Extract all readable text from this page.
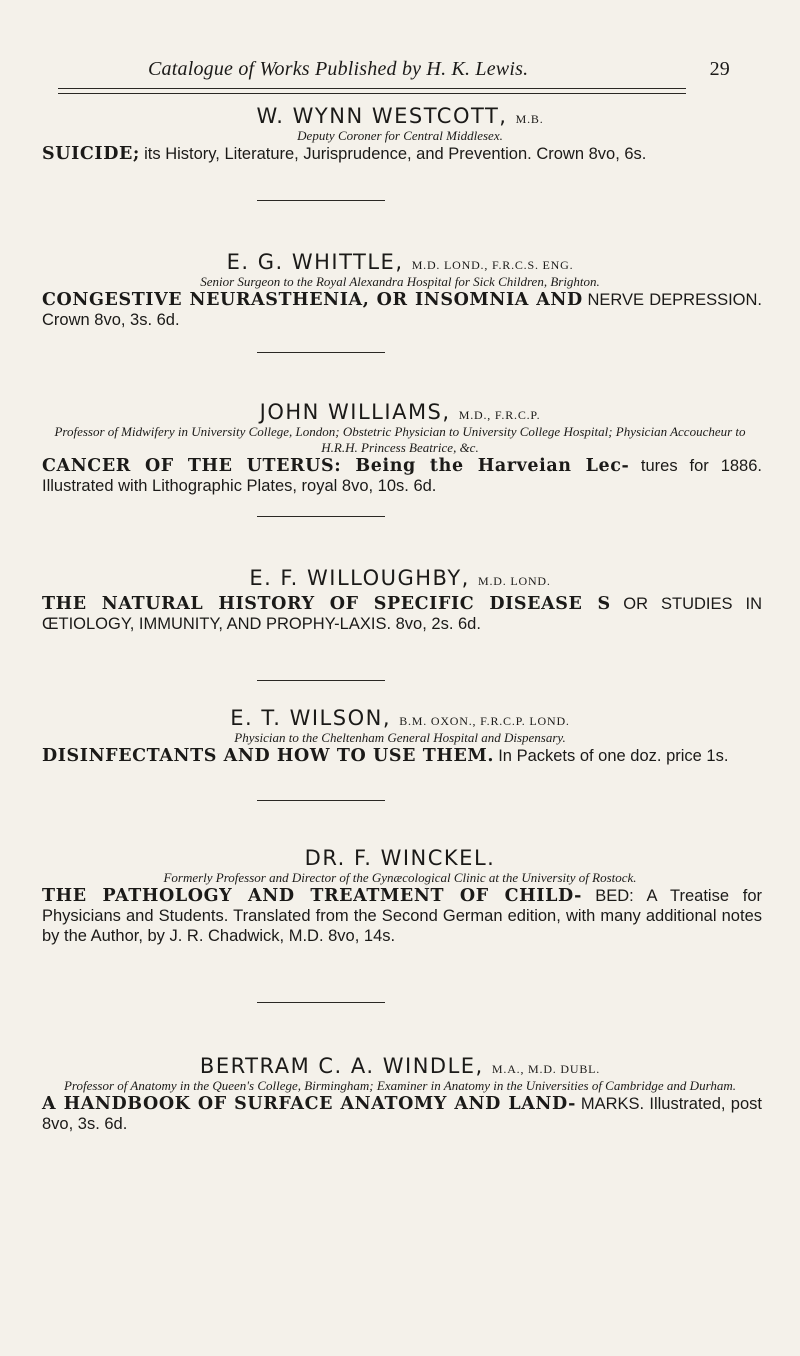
Catalogue of Works Published by H. K. Lewis.	29
W. WYNN WESTCOTT, M.B.
Deputy Coroner for Central Middlesex.
SUICIDE; its History, Literature, Jurisprudence, and Prevention. Crown 8vo, 6s.
E. G. WHITTLE, M.D. LOND., F.R.C.S. ENG.
Senior Surgeon to the Royal Alexandra Hospital for Sick Children, Brighton.
CONGESTIVE NEURASTHENIA, OR INSOMNIA AND NERVE DEPRESSION. Crown 8vo, 3s. 6d.
JOHN WILLIAMS, M.D., F.R.C.P.
Professor of Midwifery in University College, London; Obstetric Physician to University College Hospital; Physician Accoucheur to H.R.H. Princess Beatrice, &c.
CANCER OF THE UTERUS: Being the Harveian Lec- tures for 1886. Illustrated with Lithographic Plates, royal 8vo, 10s. 6d.
E. F. WILLOUGHBY, M.D. LOND.
THE NATURAL HISTORY OF SPECIFIC DISEASE S OR STUDIES IN ŒTIOLOGY, IMMUNITY, AND PROPHY-LAXIS. 8vo, 2s. 6d.
E. T. WILSON, B.M. OXON., F.R.C.P. LOND.
Physician to the Cheltenham General Hospital and Dispensary.
DISINFECTANTS AND HOW TO USE THEM. In Packets of one doz. price 1s.
DR. F. WINCKEL.
Formerly Professor and Director of the Gynæcological Clinic at the University of Rostock.
THE PATHOLOGY AND TREATMENT OF CHILD- BED: A Treatise for Physicians and Students. Translated from the Second German edition, with many additional notes by the Author, by J. R. Chadwick, M.D. 8vo, 14s.
BERTRAM C. A. WINDLE, M.A., M.D. DUBL.
Professor of Anatomy in the Queen's College, Birmingham; Examiner in Anatomy in the Universities of Cambridge and Durham.
A HANDBOOK OF SURFACE ANATOMY AND LAND- MARKS. Illustrated, post 8vo, 3s. 6d.
